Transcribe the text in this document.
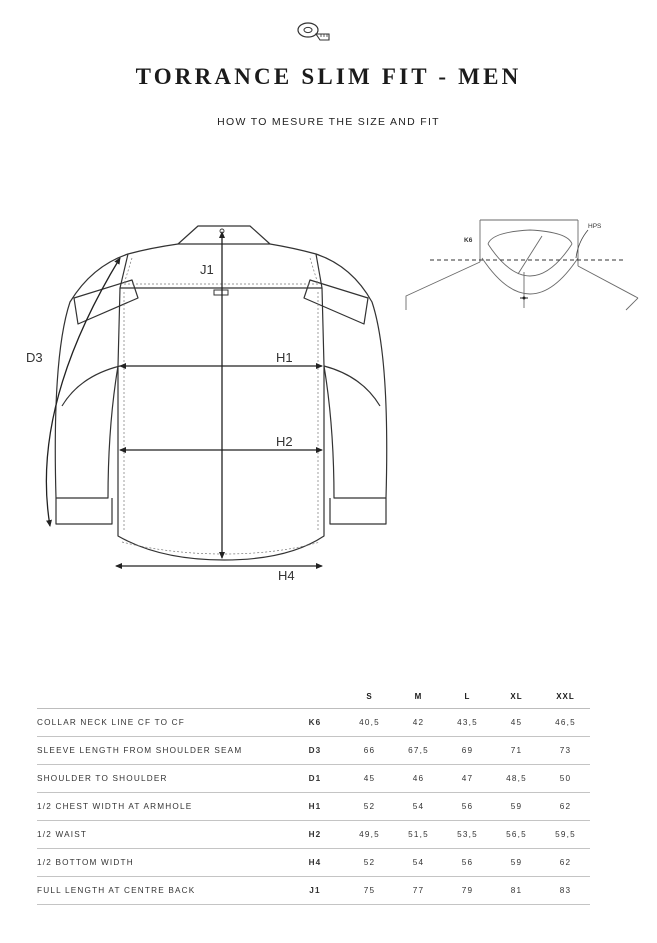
TORRANCE SLIM FIT - MEN
HOW TO MESURE THE SIZE AND FIT
D3
J1
H1
H2
H4
K6
HPS
		S	M	L	XL	XXL
COLLAR NECK LINE CF TO CF	K6	40,5	42	43,5	45	46,5
SLEEVE LENGTH FROM SHOULDER SEAM	D3	66	67,5	69	71	73
SHOULDER TO SHOULDER	D1	45	46	47	48,5	50
1/2 CHEST WIDTH AT ARMHOLE	H1	52	54	56	59	62
1/2 WAIST	H2	49,5	51,5	53,5	56,5	59,5
1/2 BOTTOM WIDTH	H4	52	54	56	59	62
FULL LENGTH AT CENTRE BACK	J1	75	77	79	81	83
